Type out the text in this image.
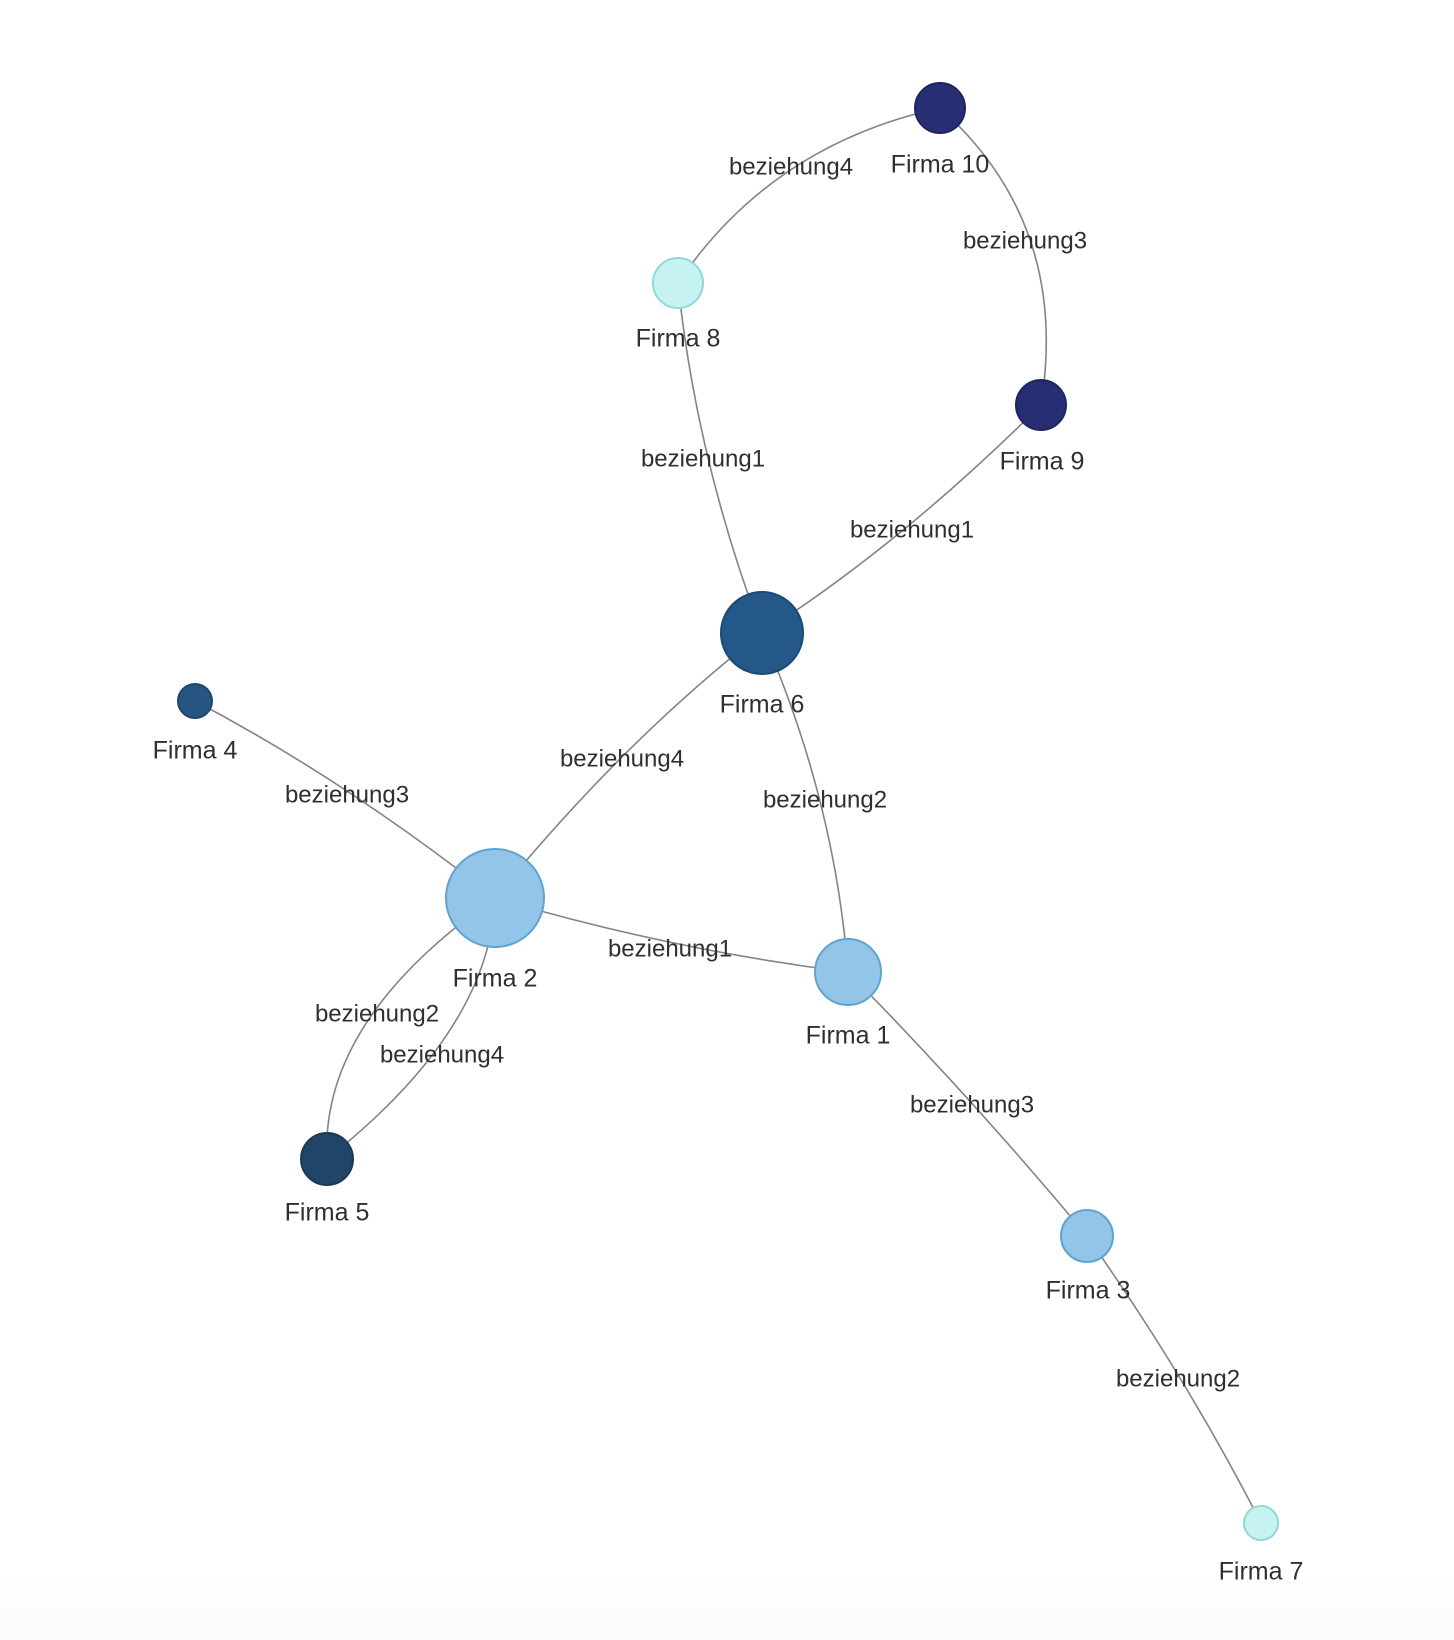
beziehung4
beziehung3
beziehung1
beziehung1
beziehung4
beziehung2
beziehung3
beziehung1
beziehung2
beziehung4
beziehung3
beziehung2
Firma 10
Firma 8
Firma 9
Firma 6
Firma 4
Firma 2
Firma 1
Firma 5
Firma 3
Firma 7
